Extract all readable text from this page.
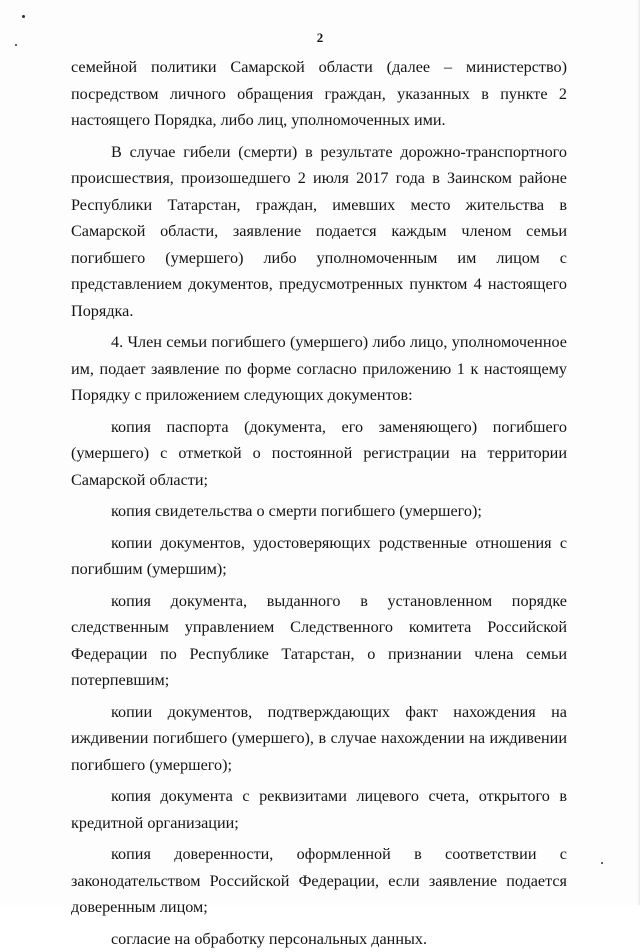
2

семейной политики Самарской области (далее – министерство) посредством личного обращения граждан, указанных в пункте 2 настоящего Порядка, либо лиц, уполномоченных ими.

В случае гибели (смерти) в результате дорожно-транспортного происшествия, произошедшего 2 июля 2017 года в Заинском районе Республики Татарстан, граждан, имевших место жительства в Самарской области, заявление подается каждым членом семьи погибшего (умершего) либо уполномоченным им лицом с представлением документов, предусмотренных пунктом 4 настоящего Порядка.

4. Член семьи погибшего (умершего) либо лицо, уполномоченное им, подает заявление по форме согласно приложению 1 к настоящему Порядку с приложением следующих документов:

копия паспорта (документа, его заменяющего) погибшего (умершего) с отметкой о постоянной регистрации на территории Самарской области;

копия свидетельства о смерти погибшего (умершего);

копии документов, удостоверяющих родственные отношения с погибшим (умершим);

копия документа, выданного в установленном порядке следственным управлением Следственного комитета Российской Федерации по Республике Татарстан, о признании члена семьи потерпевшим;

копии документов, подтверждающих факт нахождения на иждивении погибшего (умершего), в случае нахождении на иждивении погибшего (умершего);

копия документа с реквизитами лицевого счета, открытого в кредитной организации;

копия доверенности, оформленной в соответствии с законодательством Российской Федерации, если заявление подается доверенным лицом;

согласие на обработку персональных данных.
